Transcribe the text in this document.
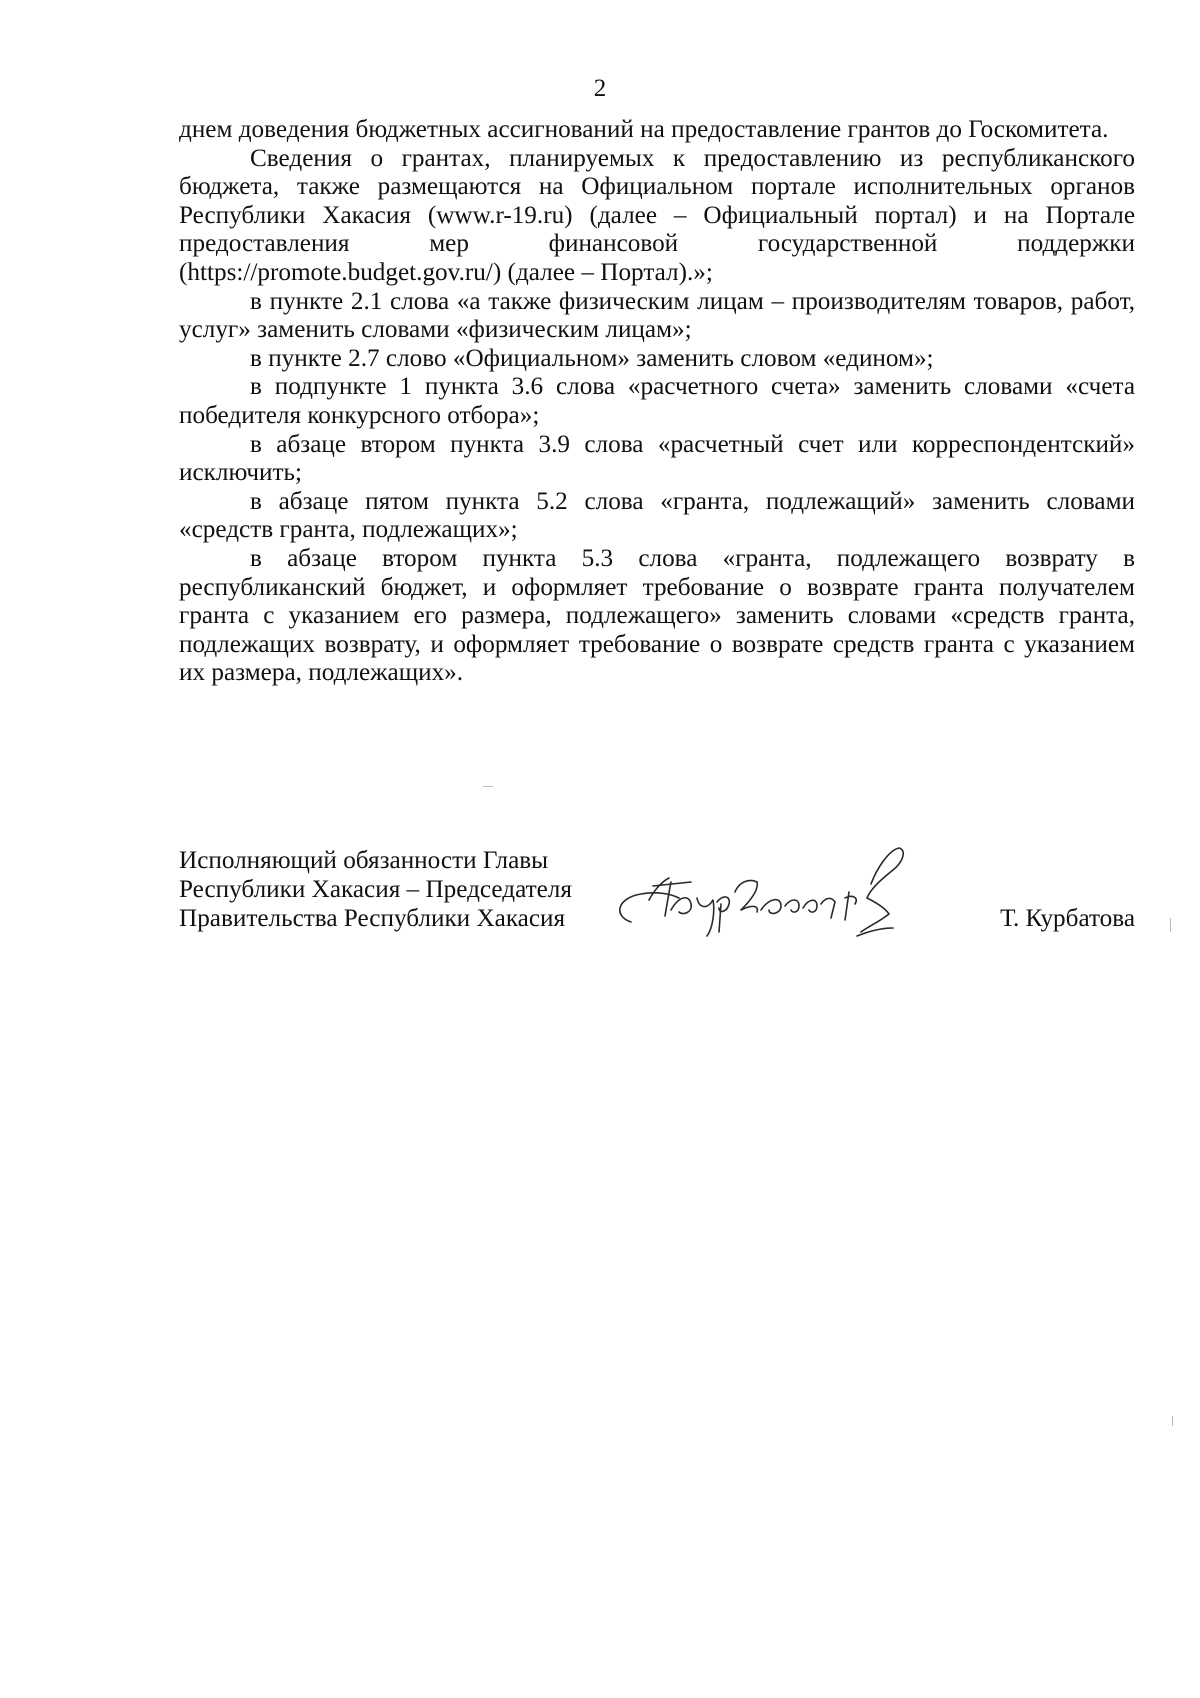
2

днем доведения бюджетных ассигнований на предоставление грантов до Госкомитета.

Сведения о грантах, планируемых к предоставлению из республиканского бюджета, также размещаются на Официальном портале исполнительных органов Республики Хакасия (www.r-19.ru) (далее – Официальный портал) и на Портале предоставления мер финансовой государственной поддержки (https://promote.budget.gov.ru/) (далее – Портал).»;

в пункте 2.1 слова «а также физическим лицам – производителям товаров, работ, услуг» заменить словами «физическим лицам»;

в пункте 2.7 слово «Официальном» заменить словом «едином»;

в подпункте 1 пункта 3.6 слова «расчетного счета» заменить словами «счета победителя конкурсного отбора»;

в абзаце втором пункта 3.9 слова «расчетный счет или корреспондентский» исключить;

в абзаце пятом пункта 5.2 слова «гранта, подлежащий» заменить словами «средств гранта, подлежащих»;

в абзаце втором пункта 5.3 слова «гранта, подлежащего возврату в республиканский бюджет, и оформляет требование о возврате гранта получателем гранта с указанием его размера, подлежащего» заменить словами «средств гранта, подлежащих возврату, и оформляет требование о возврате средств гранта с указанием их размера, подлежащих».

Исполняющий обязанности Главы
Республики Хакасия – Председателя
Правительства Республики Хакасия	Т. Курбатова
